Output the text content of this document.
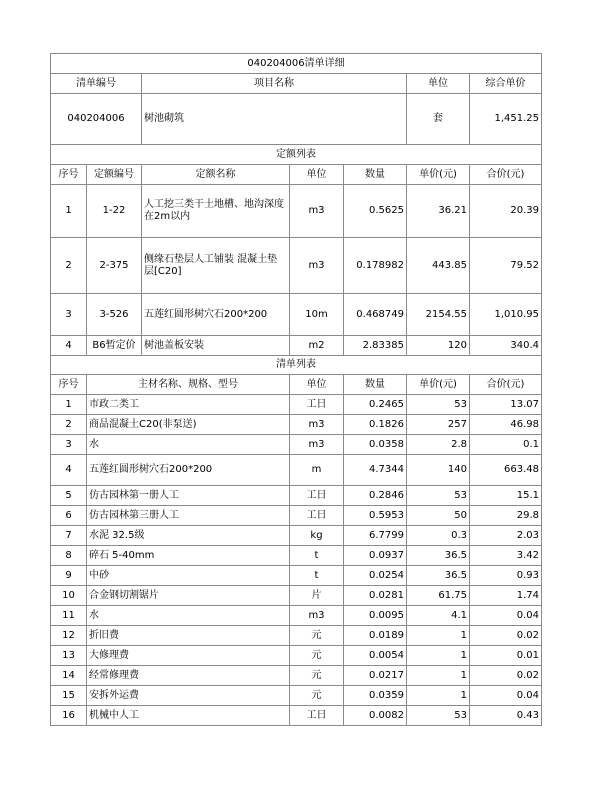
040204006清单详细						
清单编号		项目名称			单位	综合单价
040204006		树池砌筑			套	1,451.25
定额列表						
序号	定额编号	定额名称	单位	数量	单价(元)	合价(元)
1	1-22	人工挖三类干土地槽、地沟深度在2m以内	m3	0.5625	36.21	20.39
2	2-375	侧缘石垫层人工铺装 混凝土垫层[C20]	m3	0.178982	443.85	79.52
3	3-526	五莲红圆形树穴石200*200	10m	0.468749	2154.55	1,010.95
4	B6暂定价	树池盖板安装	m2	2.83385	120	340.4
清单列表						
序号	主材名称、规格、型号		单位	数量	单价(元)	合价(元)
1	市政二类工		工日	0.2465	53	13.07
2	商品混凝土C20(非泵送)		m3	0.1826	257	46.98
3	水		m3	0.0358	2.8	0.1
4	五莲红圆形树穴石200*200		m	4.7344	140	663.48
5	仿古园林第一册人工		工日	0.2846	53	15.1
6	仿古园林第三册人工		工日	0.5953	50	29.8
7	水泥 32.5级		kg	6.7799	0.3	2.03
8	碎石 5-40mm		t	0.0937	36.5	3.42
9	中砂		t	0.0254	36.5	0.93
10	合金钢切割锯片		片	0.0281	61.75	1.74
11	水		m3	0.0095	4.1	0.04
12	折旧费		元	0.0189	1	0.02
13	大修理费		元	0.0054	1	0.01
14	经常修理费		元	0.0217	1	0.02
15	安拆外运费		元	0.0359	1	0.04
16	机械中人工		工日	0.0082	53	0.43
